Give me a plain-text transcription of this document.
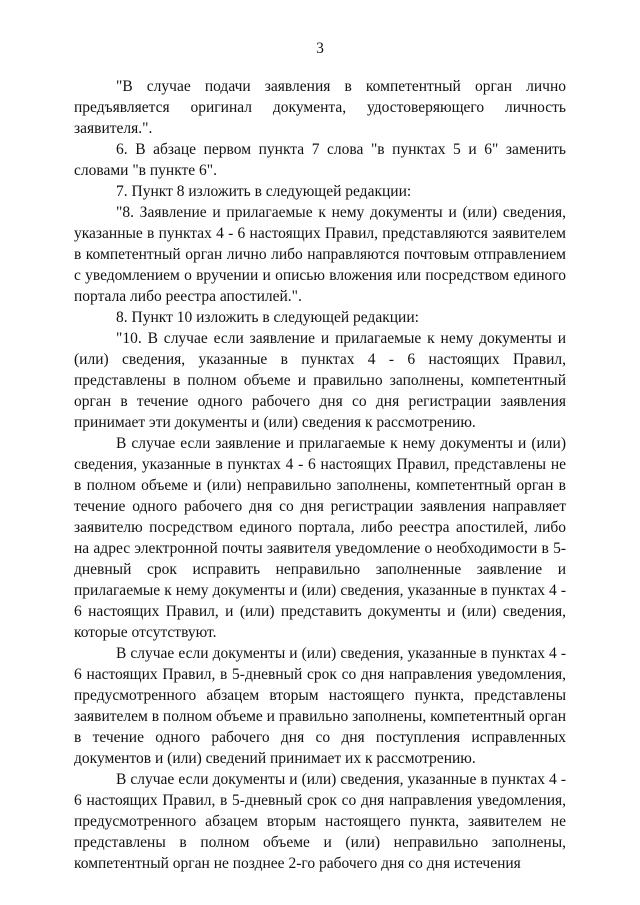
3

"В случае подачи заявления в компетентный орган лично предъявляется оригинал документа, удостоверяющего личность заявителя.".

6. В абзаце первом пункта 7 слова "в пунктах 5 и 6" заменить словами "в пункте 6".

7. Пункт 8 изложить в следующей редакции:

"8. Заявление и прилагаемые к нему документы и (или) сведения, указанные в пунктах 4 - 6 настоящих Правил, представляются заявителем в компетентный орган лично либо направляются почтовым отправлением с уведомлением о вручении и описью вложения или посредством единого портала либо реестра апостилей.".

8. Пункт 10 изложить в следующей редакции:

"10. В случае если заявление и прилагаемые к нему документы и (или) сведения, указанные в пунктах 4 - 6 настоящих Правил, представлены в полном объеме и правильно заполнены, компетентный орган в течение одного рабочего дня со дня регистрации заявления принимает эти документы и (или) сведения к рассмотрению.

В случае если заявление и прилагаемые к нему документы и (или) сведения, указанные в пунктах 4 - 6 настоящих Правил, представлены не в полном объеме и (или) неправильно заполнены, компетентный орган в течение одного рабочего дня со дня регистрации заявления направляет заявителю посредством единого портала, либо реестра апостилей, либо на адрес электронной почты заявителя уведомление о необходимости в 5-дневный срок исправить неправильно заполненные заявление и прилагаемые к нему документы и (или) сведения, указанные в пунктах 4 - 6 настоящих Правил, и (или) представить документы и (или) сведения, которые отсутствуют.

В случае если документы и (или) сведения, указанные в пунктах 4 - 6 настоящих Правил, в 5-дневный срок со дня направления уведомления, предусмотренного абзацем вторым настоящего пункта, представлены заявителем в полном объеме и правильно заполнены, компетентный орган в течение одного рабочего дня со дня поступления исправленных документов и (или) сведений принимает их к рассмотрению.

В случае если документы и (или) сведения, указанные в пунктах 4 - 6 настоящих Правил, в 5-дневный срок со дня направления уведомления, предусмотренного абзацем вторым настоящего пункта, заявителем не представлены в полном объеме и (или) неправильно заполнены, компетентный орган не позднее 2-го рабочего дня со дня истечения
